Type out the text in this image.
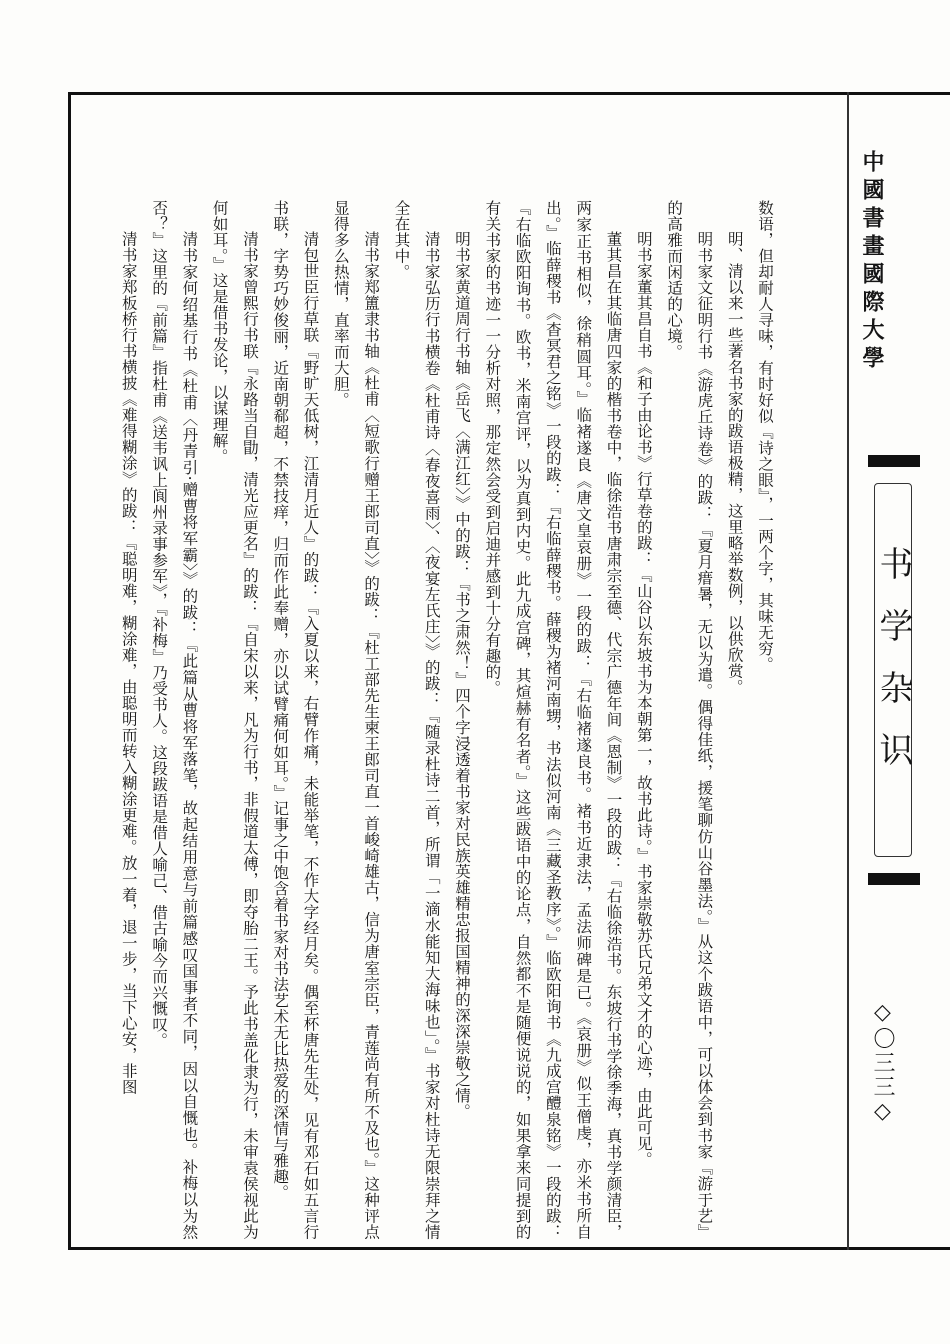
中國書畫國際大學
书学杂识
◇〇三三◇

数语，但却耐人寻味，有时好似『诗之眼』，一两个字，其味无穷。

明、清以来一些著名书家的跋语极精，这里略举数例，以供欣赏。

明书家文征明行书《游虎丘诗卷》的跋：『夏月瘄暑，无以为遣。偶得佳纸，援笔聊仿山谷墨法。』从这个跋语中，可以体会到书家『游于艺』的高雅而闲适的心境。

明书家董其昌自书《和子由论书》行草卷的跋：『山谷以东坡书为本朝第一，故书此诗。』书家崇敬苏氏兄弟文才的心迹，由此可见。

董其昌在其临唐四家的楷书卷中，临徐浩书唐肃宗至德、代宗广德年间《恩制》一段的跋：『右临徐浩书。东坡行书学徐季海，真书学颜清臣，两家正书相似，徐稍圆耳。』临褚遂良《唐文皇哀册》一段的跋：『右临褚遂良书。褚书近隶法，孟法师碑是已。《哀册》似王僧虔，亦米书所自出。』临薛稷书《杳冥君之铭》一段的跋：『右临薛稷书。薛稷为褚河南甥，书法似河南《三藏圣教序》。』临欧阳询书《九成宫醴泉铭》一段的跋：『右临欧阳询书。欧书，米南宫评，以为真到内史。此九成宫碑，其煊赫有名者。』这些跋语中的论点，自然都不是随便说说的，如果拿来同提到的有关书家的书迹一一分析对照，那定然会受到启迪并感到十分有趣的。

明书家黄道周行书轴《岳飞〈满江红〉》中的跋：『书之肃然！』四个字浸透着书家对民族英雄精忠报国精神的深深崇敬之情。

清书家弘历行书横卷《杜甫诗〈春夜喜雨〉、〈夜宴左氏庄〉》的跋：『随录杜诗二首，所谓「一滴水能知大海味也」。』书家对杜诗无限崇拜之情全在其中。

清书家郑簠隶书轴《杜甫〈短歌行赠王郎司直〉》的跋：『杜工部先生柬王郎司直一首峻崎雄古，信为唐室宗臣，青莲尚有所不及也。』这种评点显得多么热情，直率而大胆。

清包世臣行草联『野旷天低树，江清月近人』的跋：『入夏以来，右臂作痛，未能举笔，不作大字经月矣。偶至杯唐先生处，见有邓石如五言行书联，字势巧妙俊丽，近南朝郗超，不禁技痒，归而作此奉赠，亦以试臂痛何如耳。』记事之中饱含着书家对书法艺术无比热爱的深情与雅趣。

清书家曾熙行书联『永路当自勖，清光应更名』的跋：『自宋以来，凡为行书，非假道太傅，即夺胎二王。予此书盖化隶为行，未审袁侯视此为何如耳。』这是借书发论，以谋理解。

清书家何绍基行书《杜甫〈丹青引·赠曹将军霸〉》的跋：『此篇从曹将军落笔，故起结用意与前篇感叹国事者不同，因以自慨也。补梅以为然否？』这里的『前篇』指杜甫《送韦讽上阆州录事参军》，『补梅』乃受书人。这段跋语是借人喻己、借古喻今而兴慨叹。

清书家郑板桥行书横披《难得糊涂》的跋：『聪明难，糊涂难，由聪明而转入糊涂更难。放一着，退一步，当下心安，非图
